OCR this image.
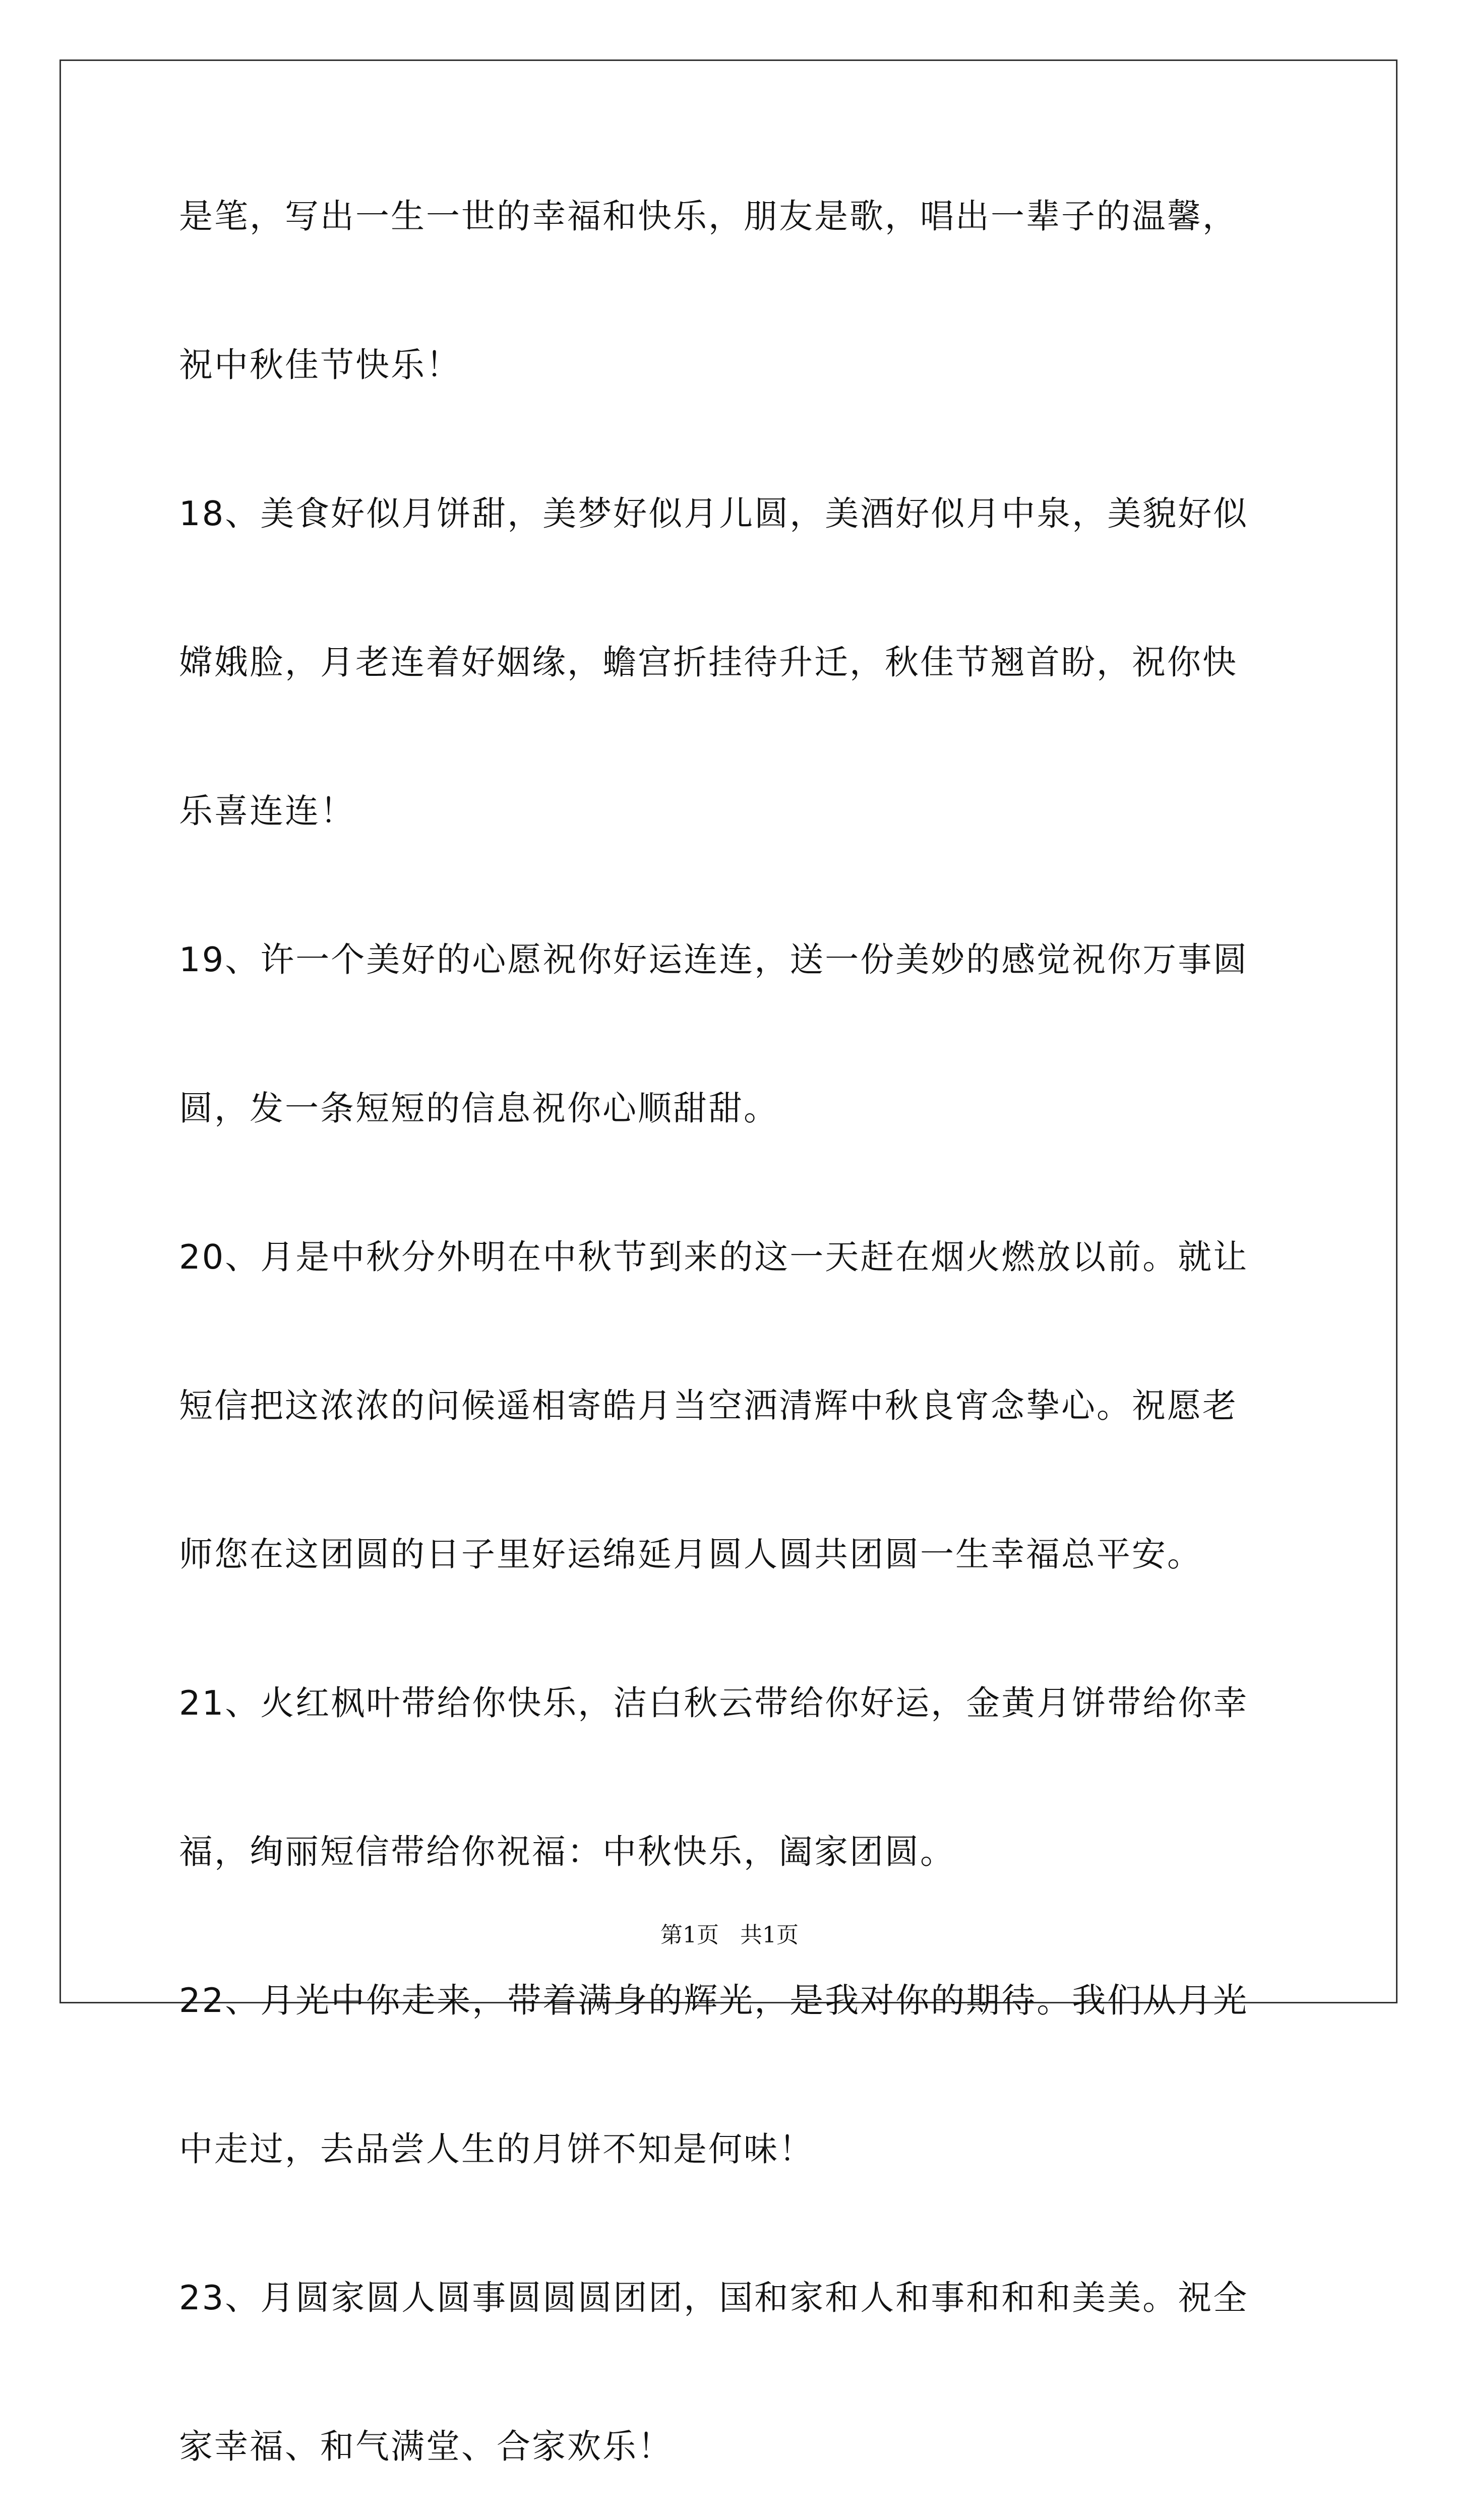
是笔，写出一生一世的幸福和快乐，朋友是歌，唱出一辈子的温馨，
祝中秋佳节快乐！
18、美食好似月饼甜，美梦好似月儿圆，美酒好似月中泉，美貌好似
嫦娥脸，月老连着好姻缘，蟾宫折挂待升迁，秋佳节翘首盼，祝你快
乐喜连连！
19、许一个美好的心愿祝你好运连连，送一份美妙的感觉祝你万事圆
圆，发一条短短的信息祝你心顺甜甜。
20、月是中秋分外明在中秋节到来的这一天赶在烟火燃放以前。就让
短信把这浓浓的问候遥相寄皓月当空洒清辉中秋良宵念挚心。祝愿老
师您在这团圆的日子里好运绵延月圆人圆共团圆一生幸福总平安。
21、火红枫叶带给你快乐，洁白秋云带给你好运，金黄月饼带给你幸
福，绚丽短信带给你祝福：中秋快乐，阖家团圆。
22、月光中你走来，带着满身的辉光，是我对你的期待。我们从月光
中走过，去品尝人生的月饼不知是何味！
23、月圆家圆人圆事圆圆圆团团，国和家和人和事和和和美美。祝全
家幸福、和气满堂、合家欢乐！
第1页   共1页
